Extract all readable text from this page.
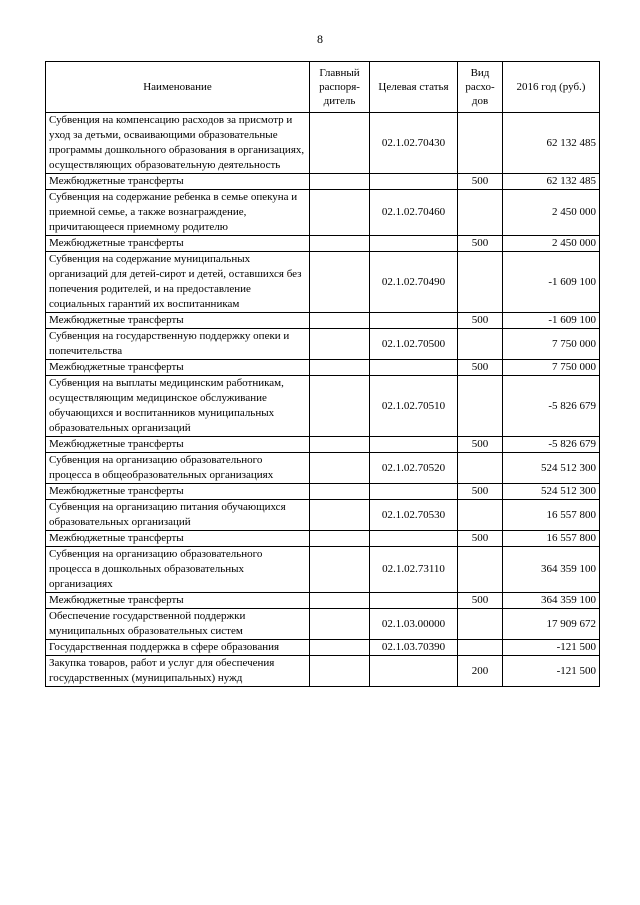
8
Наименование	Главный распоря-дитель	Целевая статья	Вид расхо-дов	2016 год (руб.)
Субвенция на компенсацию расходов за присмотр и уход за детьми, осваивающими образовательные программы дошкольного образования в организациях, осуществляющих образовательную деятельность		02.1.02.70430		62 132 485
Межбюджетные трансферты			500	62 132 485
Субвенция на содержание ребенка в семье опекуна и приемной семье, а также вознаграждение, причитающееся приемному родителю		02.1.02.70460		2 450 000
Межбюджетные трансферты			500	2 450 000
Субвенция на содержание муниципальных организаций для детей-сирот и детей, оставшихся без попечения родителей, и на предоставление социальных гарантий их воспитанникам		02.1.02.70490		-1 609 100
Межбюджетные трансферты			500	-1 609 100
Субвенция на государственную поддержку опеки и попечительства		02.1.02.70500		7 750 000
Межбюджетные трансферты			500	7 750 000
Субвенция на выплаты медицинским работникам, осуществляющим медицинское обслуживание обучающихся и воспитанников муниципальных образовательных организаций		02.1.02.70510		-5 826 679
Межбюджетные трансферты			500	-5 826 679
Субвенция на организацию образовательного процесса в общеобразовательных организациях		02.1.02.70520		524 512 300
Межбюджетные трансферты			500	524 512 300
Субвенция на организацию питания обучающихся образовательных организаций		02.1.02.70530		16 557 800
Межбюджетные трансферты			500	16 557 800
Субвенция на организацию образовательного процесса в дошкольных образовательных организациях		02.1.02.73110		364 359 100
Межбюджетные трансферты			500	364 359 100
Обеспечение государственной поддержки муниципальных образовательных систем		02.1.03.00000		17 909 672
Государственная поддержка в сфере образования		02.1.03.70390		-121 500
Закупка товаров, работ и услуг для обеспечения государственных (муниципальных) нужд			200	-121 500
